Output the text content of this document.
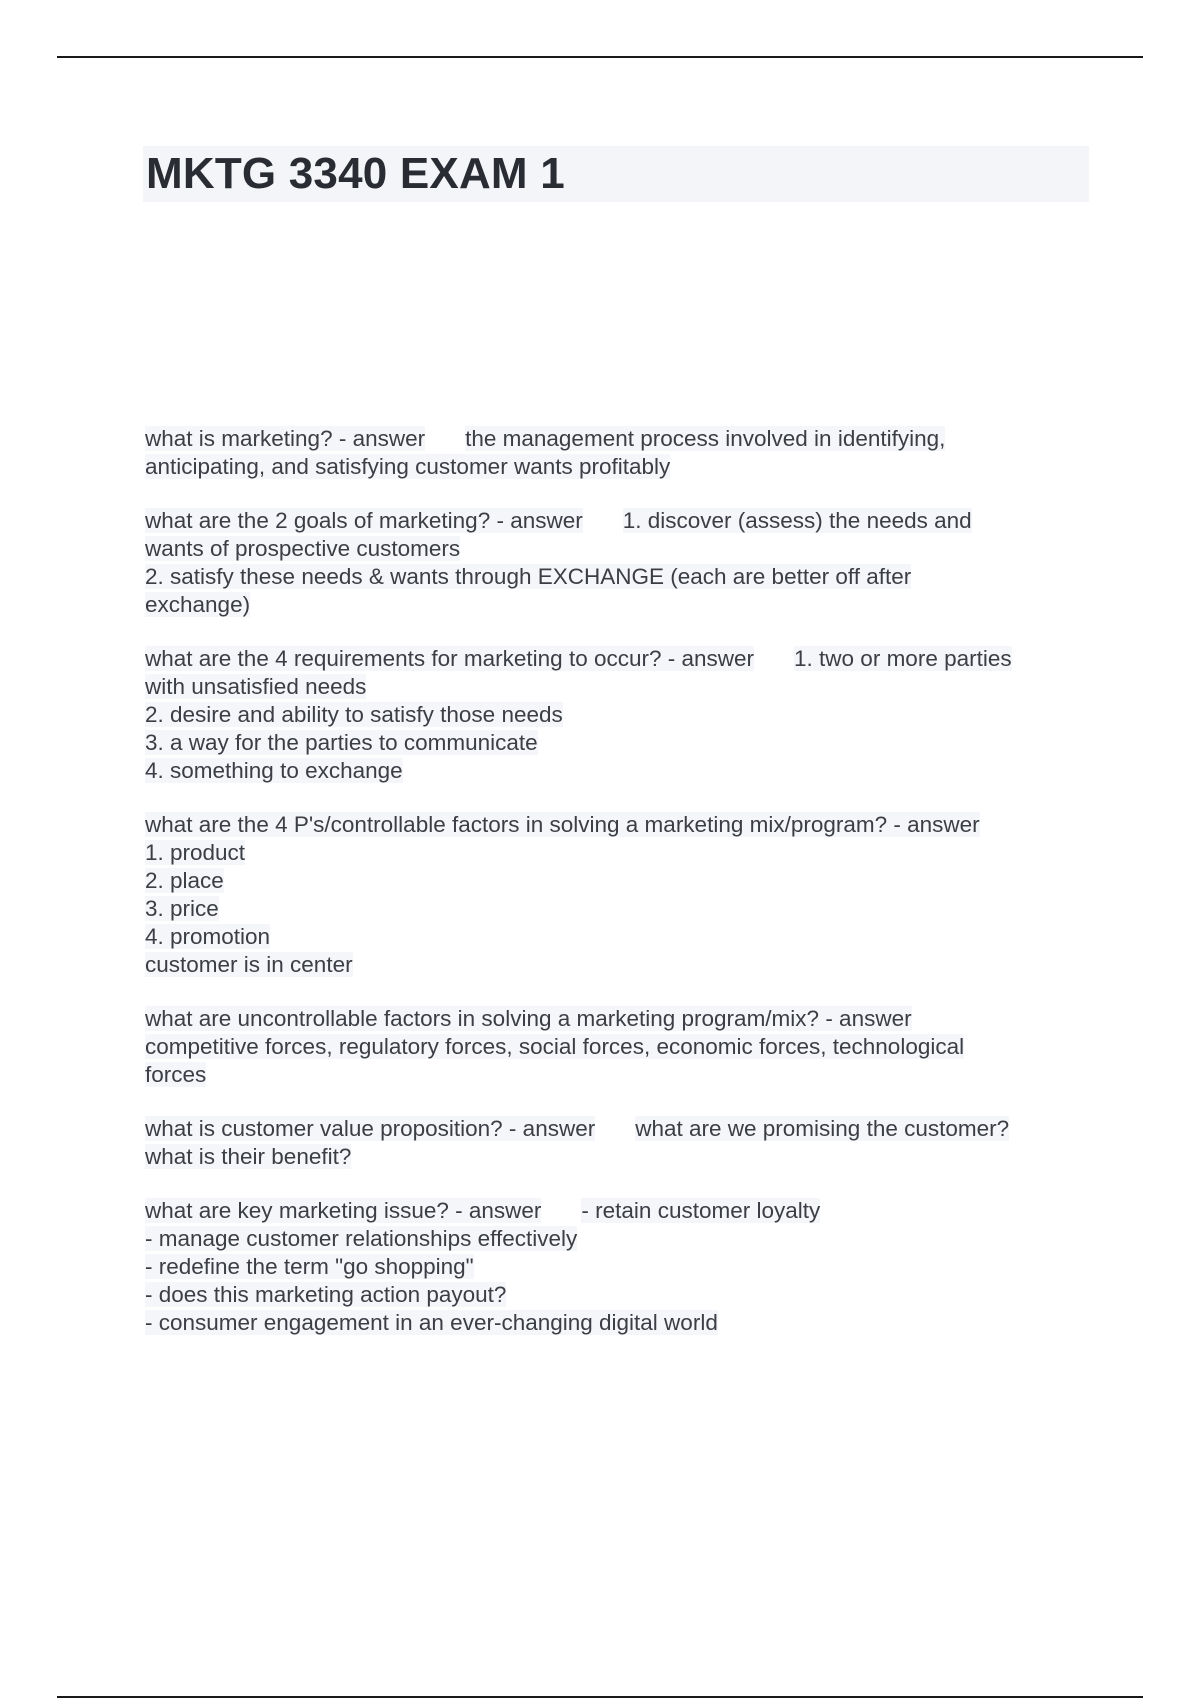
MKTG 3340 EXAM 1
what is marketing? - answer the management process involved in identifying,
anticipating, and satisfying customer wants profitably
what are the 2 goals of marketing? - answer 1. discover (assess) the needs and
wants of prospective customers
2. satisfy these needs & wants through EXCHANGE (each are better off after
exchange)
what are the 4 requirements for marketing to occur? - answer 1. two or more parties
with unsatisfied needs
2. desire and ability to satisfy those needs
3. a way for the parties to communicate
4. something to exchange
what are the 4 P's/controllable factors in solving a marketing mix/program? - answer
1. product
2. place
3. price
4. promotion
customer is in center
what are uncontrollable factors in solving a marketing program/mix? - answer
competitive forces, regulatory forces, social forces, economic forces, technological
forces
what is customer value proposition? - answer what are we promising the customer?
what is their benefit?
what are key marketing issue? - answer - retain customer loyalty
- manage customer relationships effectively
- redefine the term "go shopping"
- does this marketing action payout?
- consumer engagement in an ever-changing digital world
